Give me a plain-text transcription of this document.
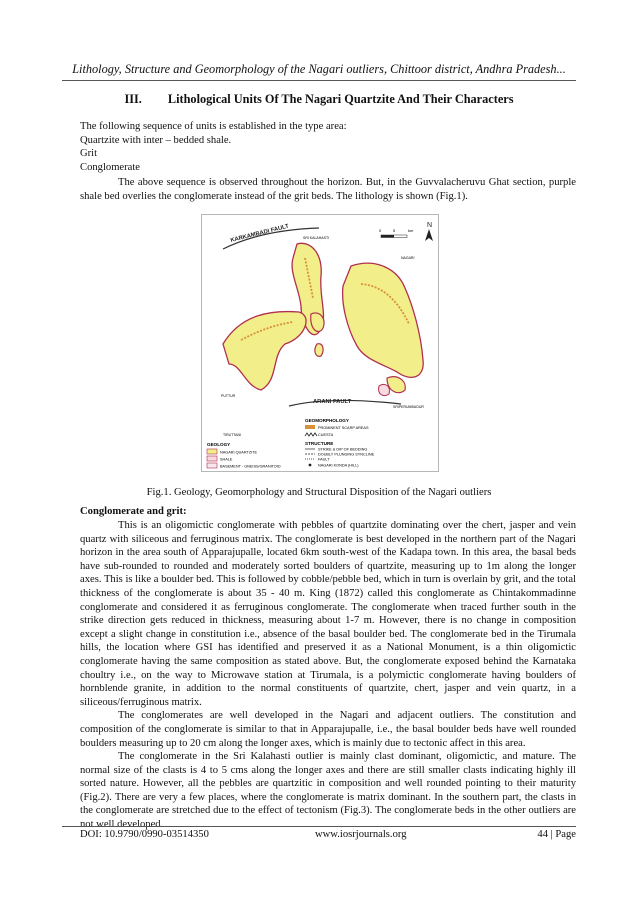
Lithology, Structure and Geomorphology of the Nagari outliers, Chittoor district, Andhra Pradesh...
III. Lithological Units Of The Nagari Quartzite And Their Characters
The following sequence of units is established in the type area:
Quartzite with inter – bedded shale.
Grit
Conglomerate
The above sequence is observed throughout the horizon. But, in the Guvvalacheruvu Ghat section, purple shale bed overlies the conglomerate instead of the grit beds. The lithology is shown (Fig.1).
KARKAMBADI FAULT	N
0	5	km
ARANI FAULT
SRI KALAHASTI
NAGARI
PUTTUR
TIRUTTANI
SRIPERUMBUDUR
GEOLOGY
NAGARI QUARTZITE
SHALE
BASEMENT - GNEISS/GRANITOID
GEOMORPHOLOGY
PROMINENT SCARP AREAS
CUESTA
STRUCTURE
STRIKE & DIP OF BEDDING
DOUBLY PLUNGING SYNCLINE
FAULT
NAGARI KONDA (HILL)
Fig.1. Geology, Geomorphology and Structural Disposition of the Nagari outliers
Conglomerate and grit:

This is an oligomictic conglomerate with pebbles of quartzite dominating over the chert, jasper and vein quartz with siliceous and ferruginous matrix. The conglomerate is best developed in the northern part of the Nagari horizon in the area south of Apparajupalle, located 6km south-west of the Kadapa town. In this area, the basal beds have sub-rounded to rounded and moderately sorted boulders of quartzite, measuring up to 1m along the longer axes. This is like a boulder bed. This is followed by cobble/pebble bed, which in turn is overlain by grit, and the total thickness of the conglomerate is about 35 - 40 m. King (1872) called this conglomerate as Chintakommadinne conglomerate and considered it as ferruginous conglomerate. The conglomerate when traced further south in the strike direction gets reduced in thickness, measuring about 1-7 m. However, there is no change in composition except a slight change in constitution i.e., absence of the basal boulder bed. The conglomerate bed in the Tirumala hills, the location where GSI has identified and preserved it as a National Monument, is a thin oligomictic conglomerate having the same composition as stated above. But, the conglomerate exposed behind the Karnataka choultry i.e., on the way to Microwave station at Tirumala, is a polymictic conglomerate having boulders of hornblende granite, in addition to the normal constituents of quartzite, chert, jasper and vein quartz, in a siliceous/ferruginous matrix.

The conglomerates are well developed in the Nagari and adjacent outliers. The constitution and composition of the conglomerate is similar to that in Apparajupalle, i.e., the basal boulder beds have well rounded boulders measuring up to 20 cm along the longer axes, which is mainly due to tectonic affect in this area.

The conglomerate in the Sri Kalahasti outlier is mainly clast dominant, oligomictic, and mature. The normal size of the clasts is 4 to 5 cms along the longer axes and there are still smaller clasts indicating highly ill sorted nature. However, all the pebbles are quartzitic in composition and well rounded pointing to their maturity (Fig.2). There are very a few places, where the conglomerate is matrix dominant. In the southern part, the clasts in the conglomerate are stretched due to the effect of tectonism (Fig.3). The conglomerate beds in the other outliers are not well developed.

DOI: 10.9790/0990-03514350	www.iosrjournals.org	44 | Page
